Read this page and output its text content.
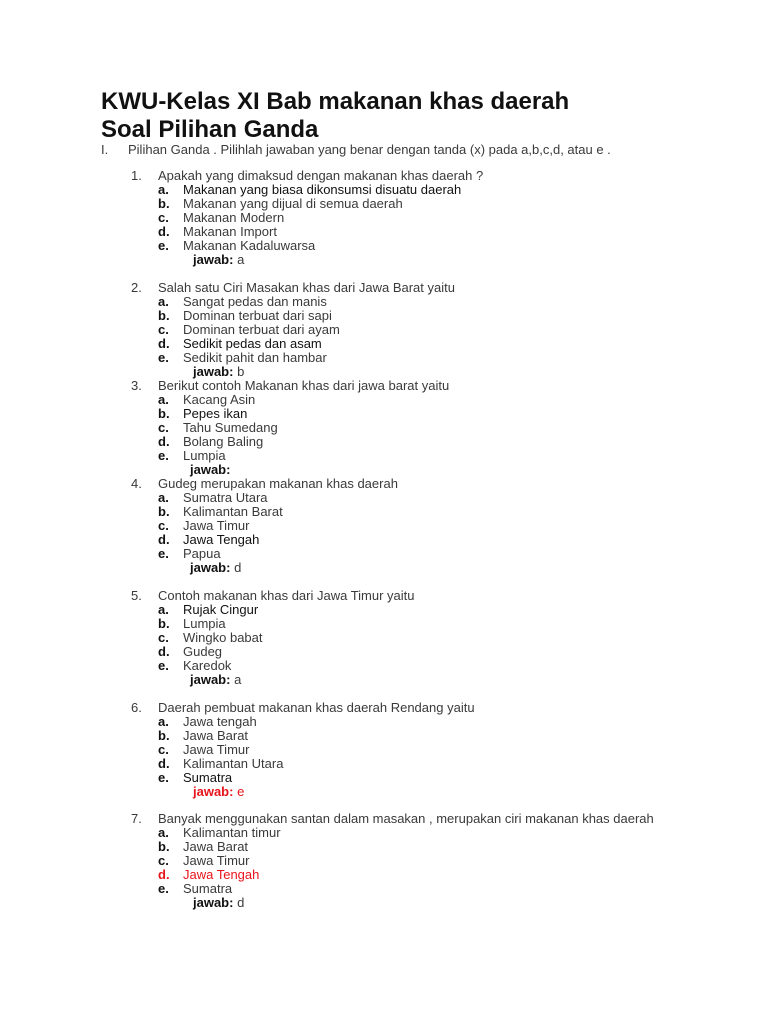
KWU-Kelas XI Bab makanan khas daerah
Soal Pilihan Ganda
I. Pilihan Ganda . Pilihlah jawaban yang benar dengan tanda (x) pada a,b,c,d, atau e .
1. Apakah yang dimaksud dengan makanan khas daerah ?
a. Makanan yang biasa dikonsumsi disuatu daerah
b. Makanan yang dijual di semua daerah
c. Makanan Modern
d. Makanan Import
e. Makanan Kadaluwarsa
jawab: a
2. Salah satu Ciri Masakan khas dari Jawa Barat yaitu
a. Sangat pedas dan manis
b. Dominan terbuat dari sapi
c. Dominan terbuat dari ayam
d. Sedikit pedas dan asam
e. Sedikit pahit dan hambar
jawab: b
3. Berikut contoh Makanan khas dari jawa barat yaitu
a. Kacang Asin
b. Pepes ikan
c. Tahu Sumedang
d. Bolang Baling
e. Lumpia
jawab:
4. Gudeg merupakan makanan khas daerah
a. Sumatra Utara
b. Kalimantan Barat
c. Jawa Timur
d. Jawa Tengah
e. Papua
jawab: d
5. Contoh makanan khas dari Jawa Timur yaitu
a. Rujak Cingur
b. Lumpia
c. Wingko babat
d. Gudeg
e. Karedok
jawab: a
6. Daerah pembuat makanan khas daerah Rendang yaitu
a. Jawa tengah
b. Jawa Barat
c. Jawa Timur
d. Kalimantan Utara
e. Sumatra
jawab: e
7. Banyak menggunakan santan dalam masakan , merupakan ciri makanan khas daerah
a. Kalimantan timur
b. Jawa Barat
c. Jawa Timur
d. Jawa Tengah
e. Sumatra
jawab: d
